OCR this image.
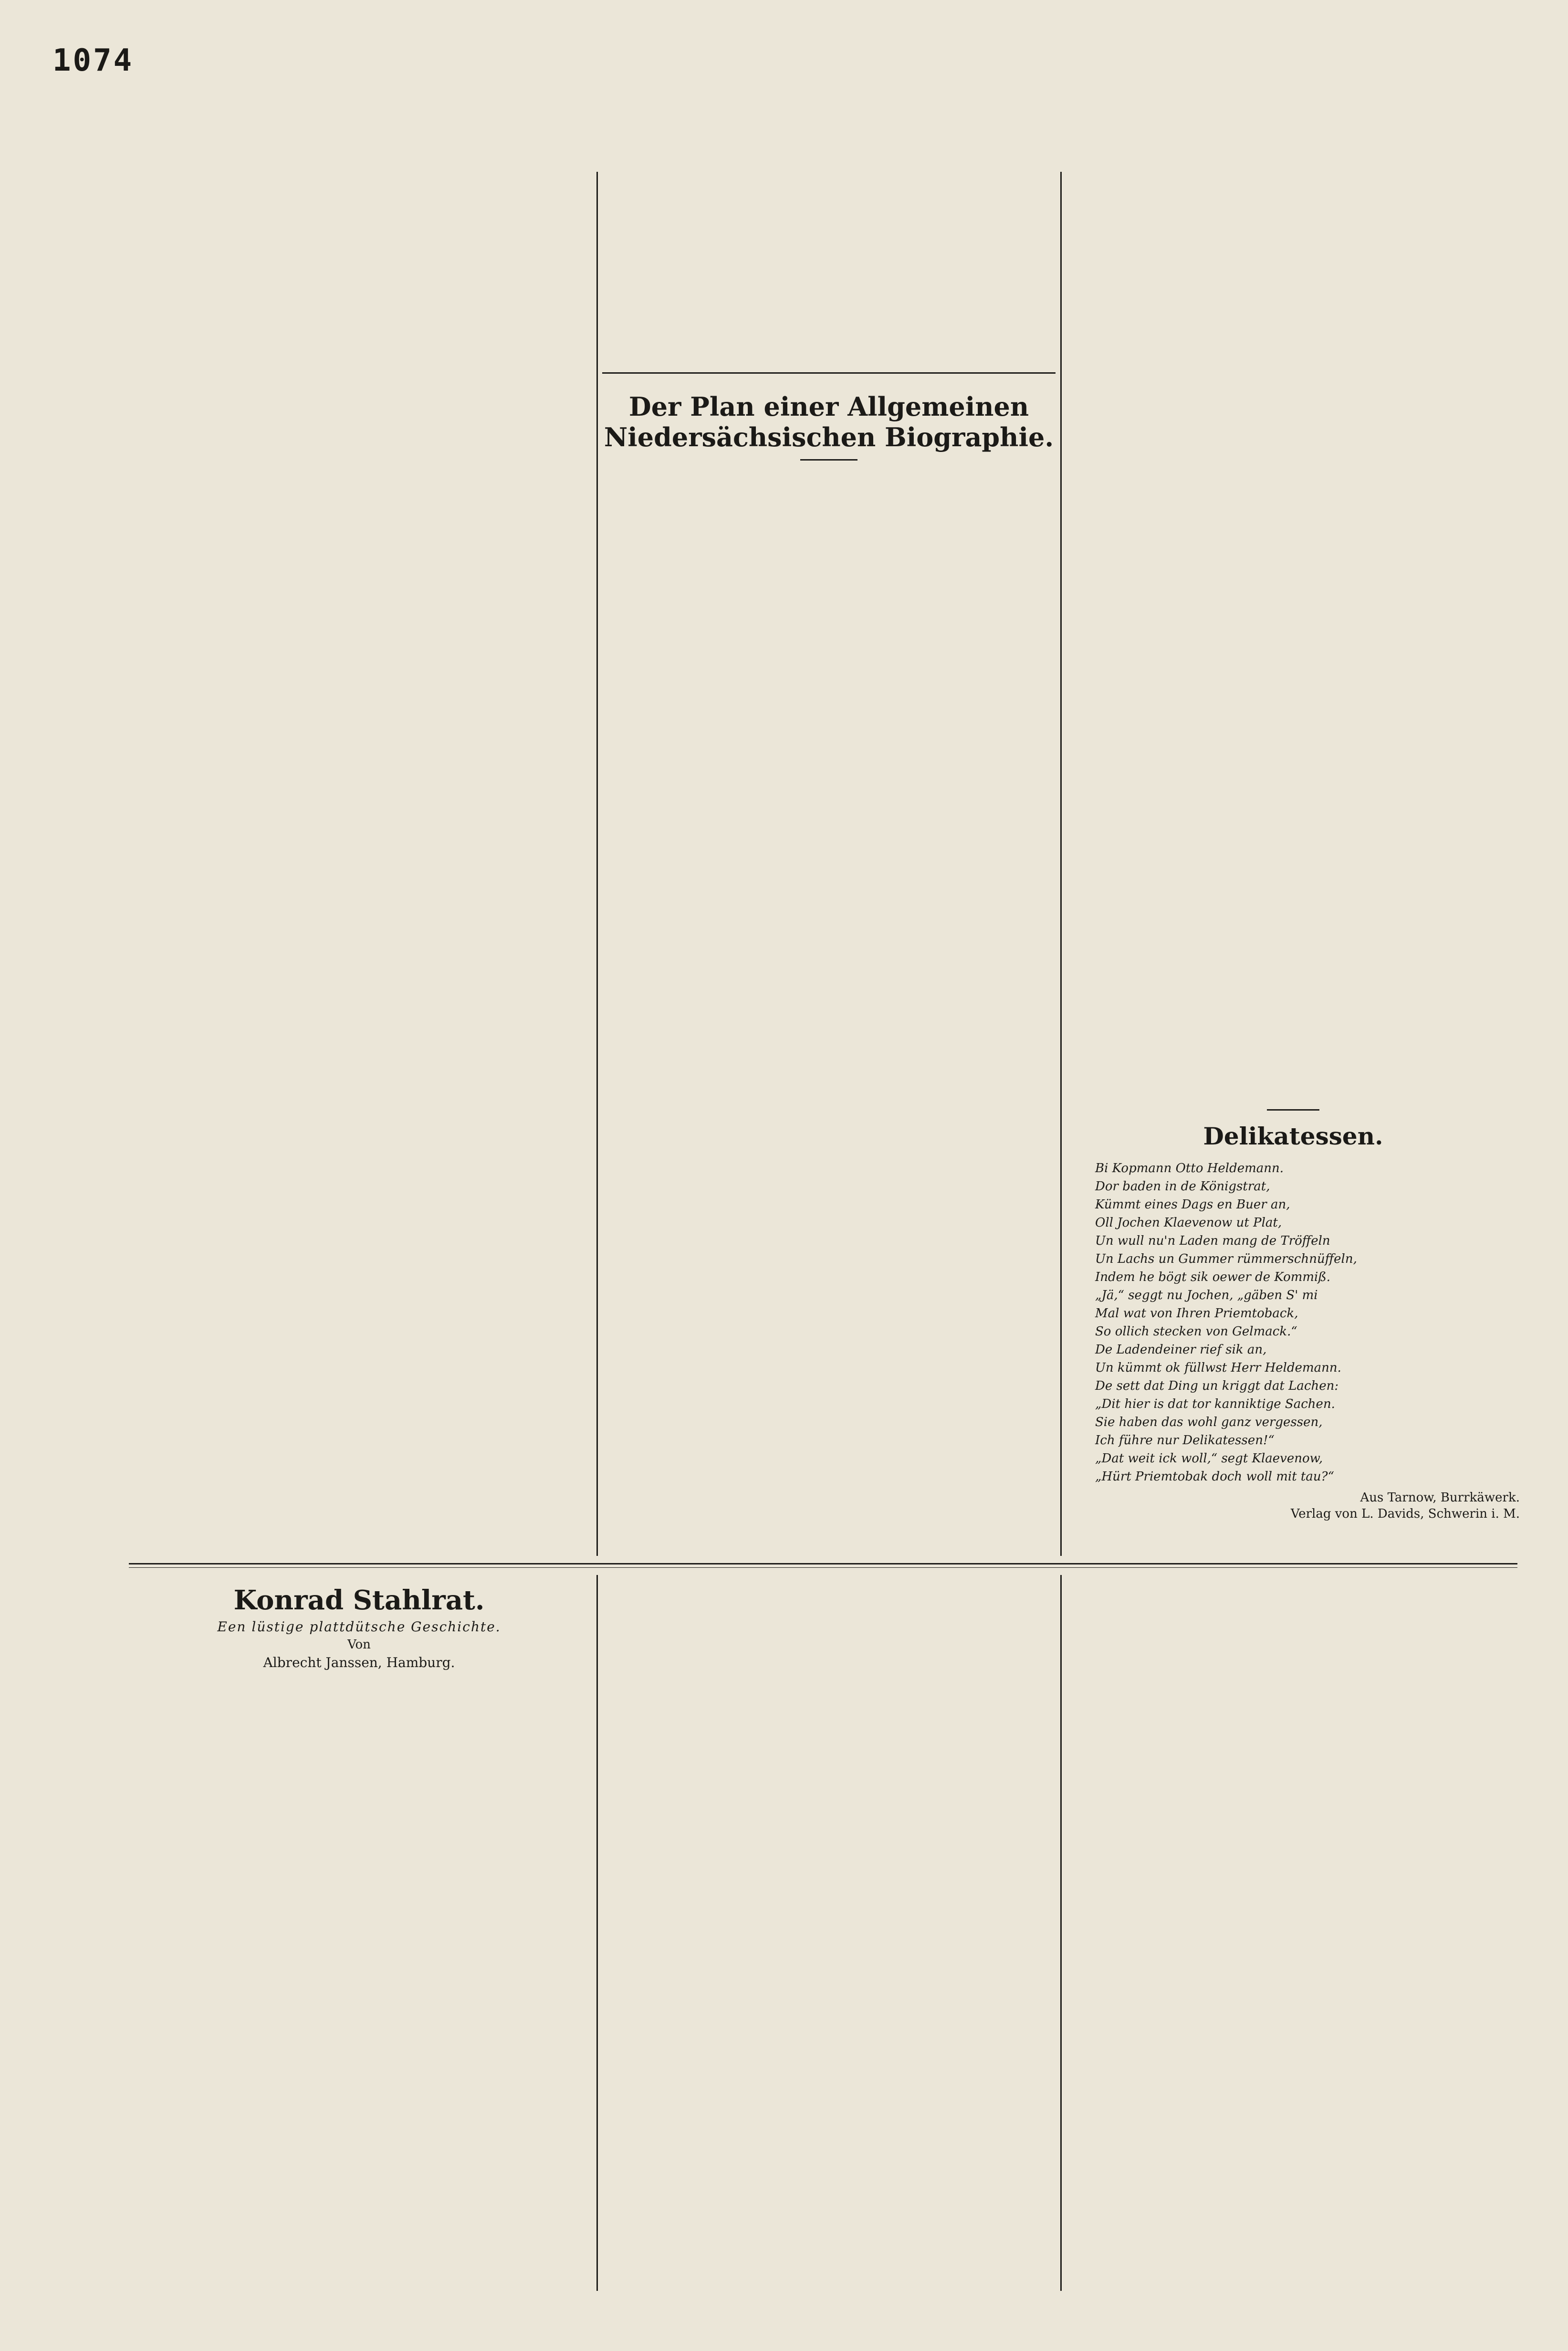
1074

Der Plan einer Allgemeinen
Niedersächsischen Biographie.

Delikatessen.

Bi Kopmann Otto Heldemann.

Dor baden in de Königstrat,

Kümmt eines Dags en Buer an,

Oll Jochen Klaevenow ut Plat,

Un wull nu'n Laden mang de Tröffeln

Un Lachs un Gummer rümmerschnüffeln,

Indem he bögt sik oewer de Kommiß.

„Jä,“ seggt nu Jochen, „gäben S' mi

Mal wat von Ihren Priemtoback,

So ollich stecken von Gelmack.“

De Ladendeiner rief sik an,

Un kümmt ok füllwst Herr Heldemann.

De sett dat Ding un kriggt dat Lachen:

„Dit hier is dat tor kanniktige Sachen.

Sie haben das wohl ganz vergessen,

Ich führe nur Delikatessen!“

„Dat weit ick woll,“ segt Klaevenow,

„Hürt Priemtobak doch woll mit tau?“

Aus Tarnow, Burrkäwerk.

Verlag von L. Davids, Schwerin i. M.

Konrad Stahlrat.

Een lüstige plattdütsche Geschichte.

Von

Albrecht Janssen, Hamburg.
